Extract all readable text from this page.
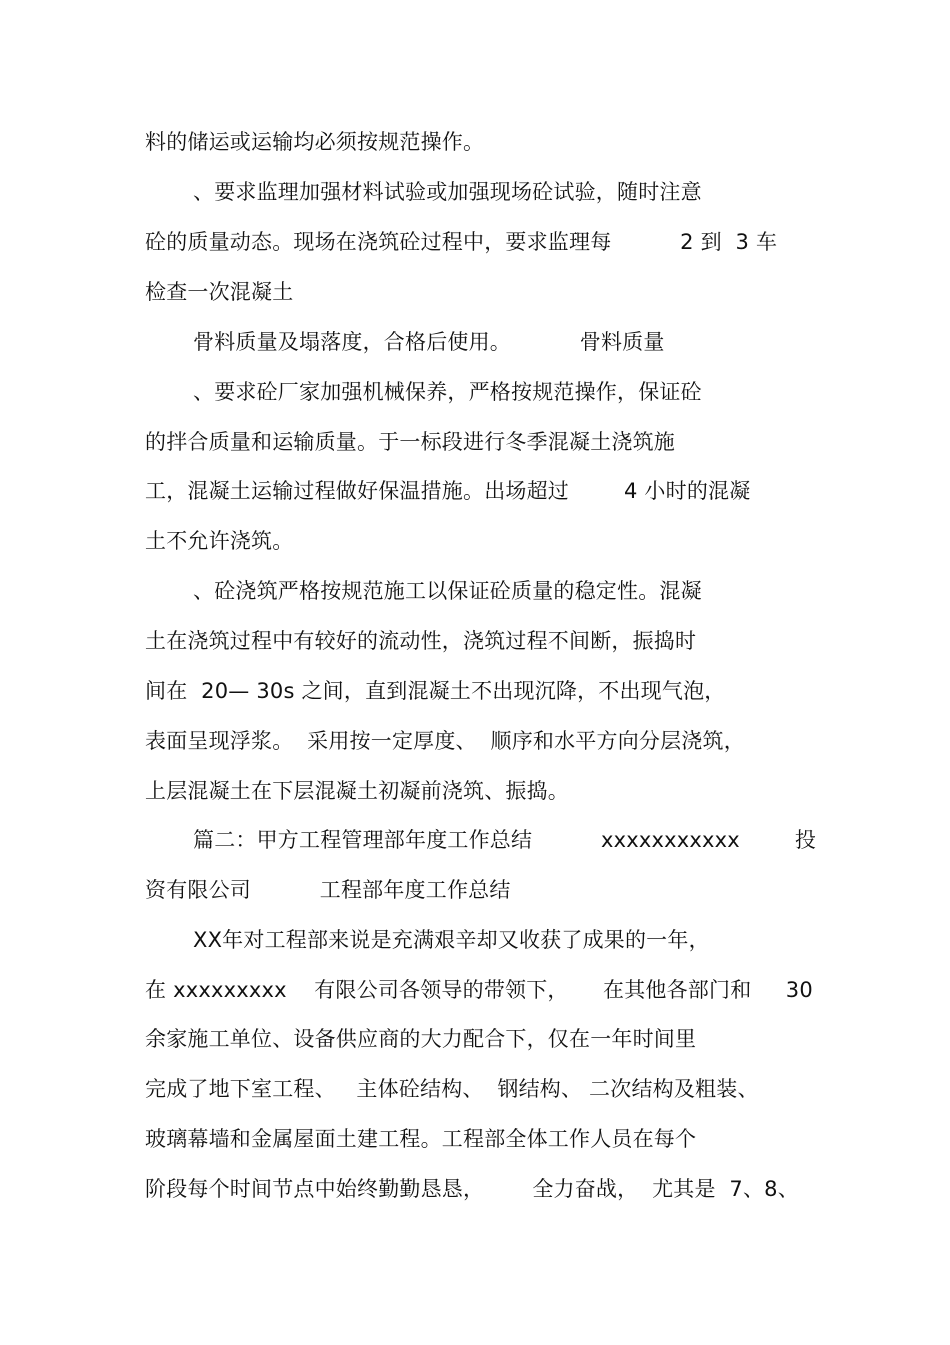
料的储运或运输均必须按规范操作。
、要求监理加强材料试验或加强现场砼试验，随时注意
砼的质量动态。现场在浇筑砼过程中，要求监理每          2 到  3 车
检查一次混凝土
骨料质量及塌落度，合格后使用。          骨料质量
、要求砼厂家加强机械保养，严格按规范操作，保证砼
的拌合质量和运输质量。于一标段进行冬季混凝土浇筑施
工，混凝土运输过程做好保温措施。出场超过        4 小时的混凝
土不允许浇筑。
、砼浇筑严格按规范施工以保证砼质量的稳定性。混凝
土在浇筑过程中有较好的流动性，浇筑过程不间断，振捣时
间在  20— 30s 之间，直到混凝土不出现沉降，不出现气泡，
表面呈现浮浆。  采用按一定厚度、  顺序和水平方向分层浇筑，
上层混凝土在下层混凝土初凝前浇筑、振捣。
篇二：甲方工程管理部年度工作总结          xxxxxxxxxxx        投
资有限公司          工程部年度工作总结
XX年对工程部来说是充满艰辛却又收获了成果的一年，
在 xxxxxxxxx    有限公司各领导的带领下，     在其他各部门和     30
余家施工单位、设备供应商的大力配合下，仅在一年时间里
完成了地下室工程、   主体砼结构、  钢结构、 二次结构及粗装、
玻璃幕墙和金属屋面土建工程。工程部全体工作人员在每个
阶段每个时间节点中始终勤勤恳恳，       全力奋战，  尤其是  7、8、
